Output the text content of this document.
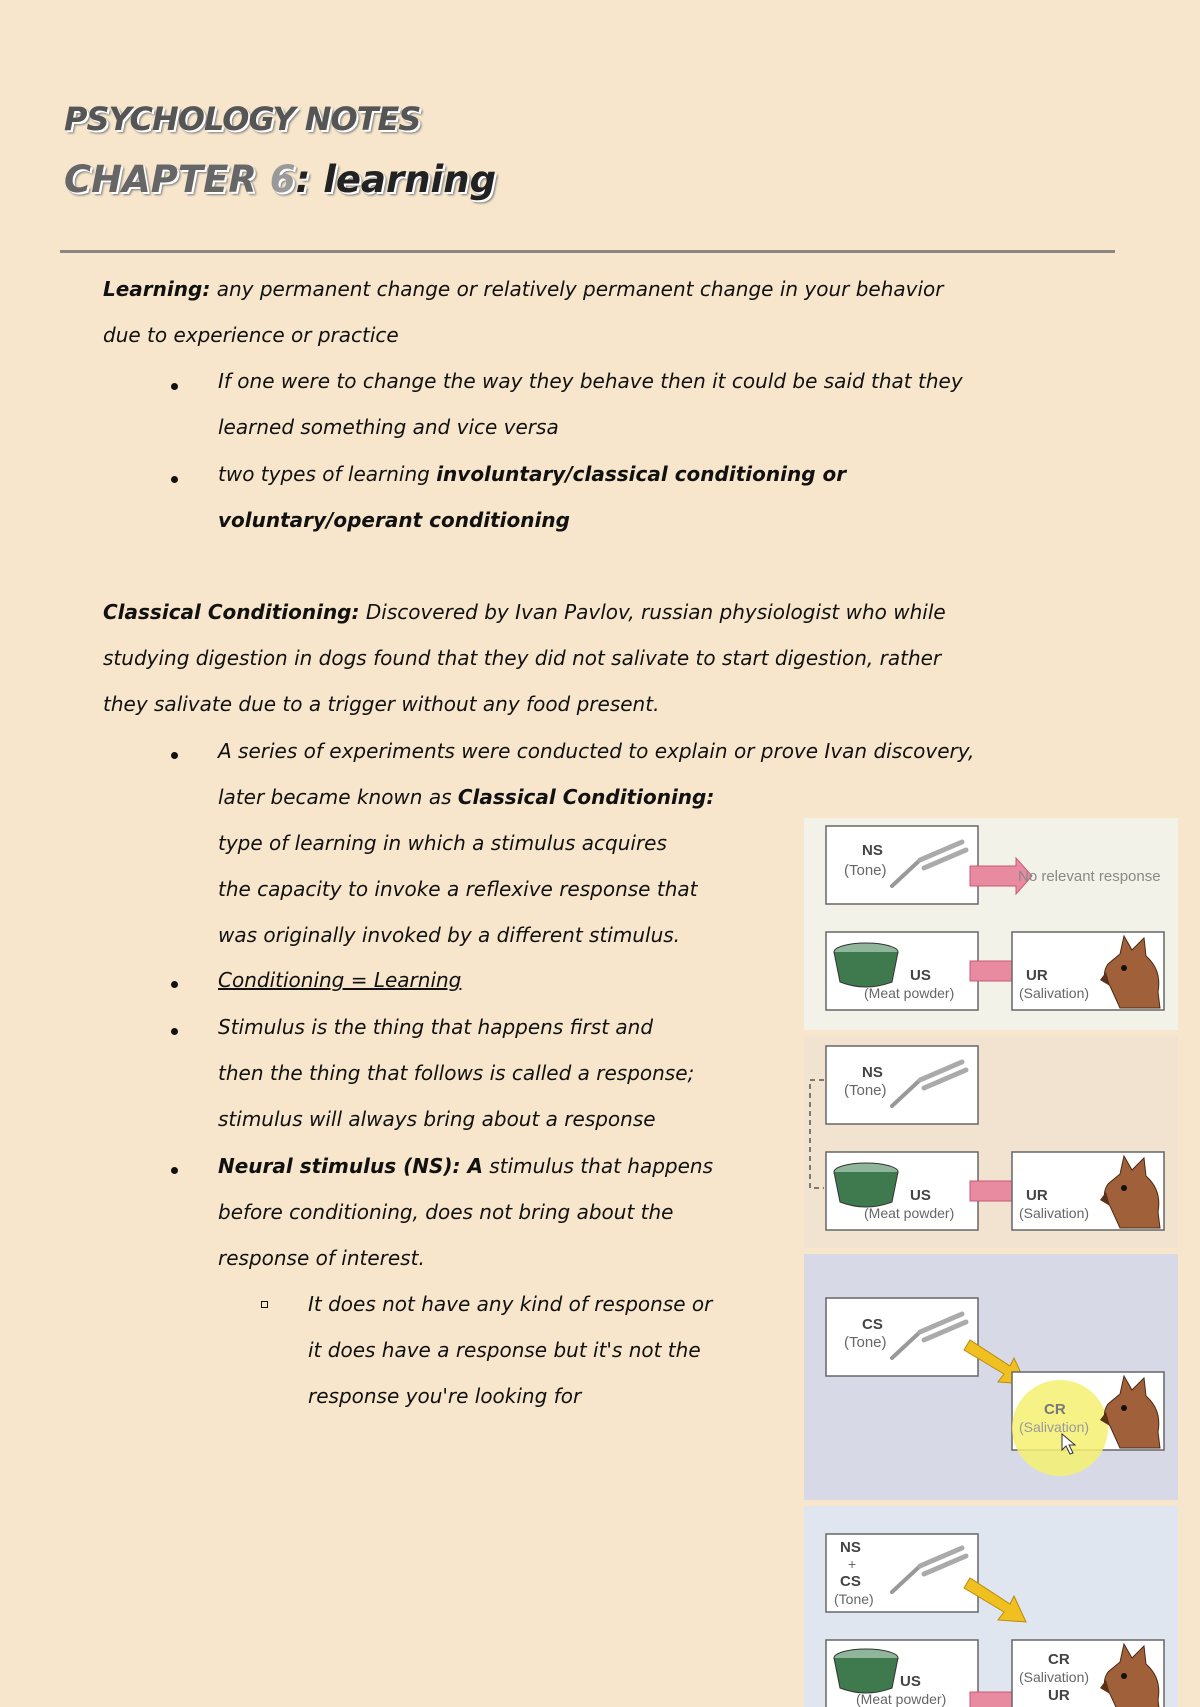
PSYCHOLOGY NOTES
CHAPTER 6: learning
Learning: any permanent change or relatively permanent change in your behavior
due to experience or practice
If one were to change the way they behave then it could be said that they
learned something and vice versa
two types of learning involuntary/classical conditioning or
voluntary/operant conditioning
Classical Conditioning: Discovered by Ivan Pavlov, russian physiologist who while
studying digestion in dogs found that they did not salivate to start digestion, rather
they salivate due to a trigger without any food present.
A series of experiments were conducted to explain or prove Ivan discovery,
later became known as Classical Conditioning:
type of learning in which a stimulus acquires
the capacity to invoke a reflexive response that
was originally invoked by a different stimulus.
Conditioning = Learning
Stimulus is the thing that happens first and
then the thing that follows is called a response;
stimulus will always bring about a response
Neural stimulus (NS): A stimulus that happens
before conditioning, does not bring about the
response of interest.
It does not have any kind of response or
it does have a response but it's not the
response you're looking for
NS
(Tone)	No relevant response
US
(Meat powder)
UR
(Salivation)
NS
(Tone)
US
(Meat powder)
UR
(Salivation)
CS
(Tone)
CR
(Salivation)
NS
+
CS
(Tone)
US
(Meat powder)
CR
(Salivation)
UR
